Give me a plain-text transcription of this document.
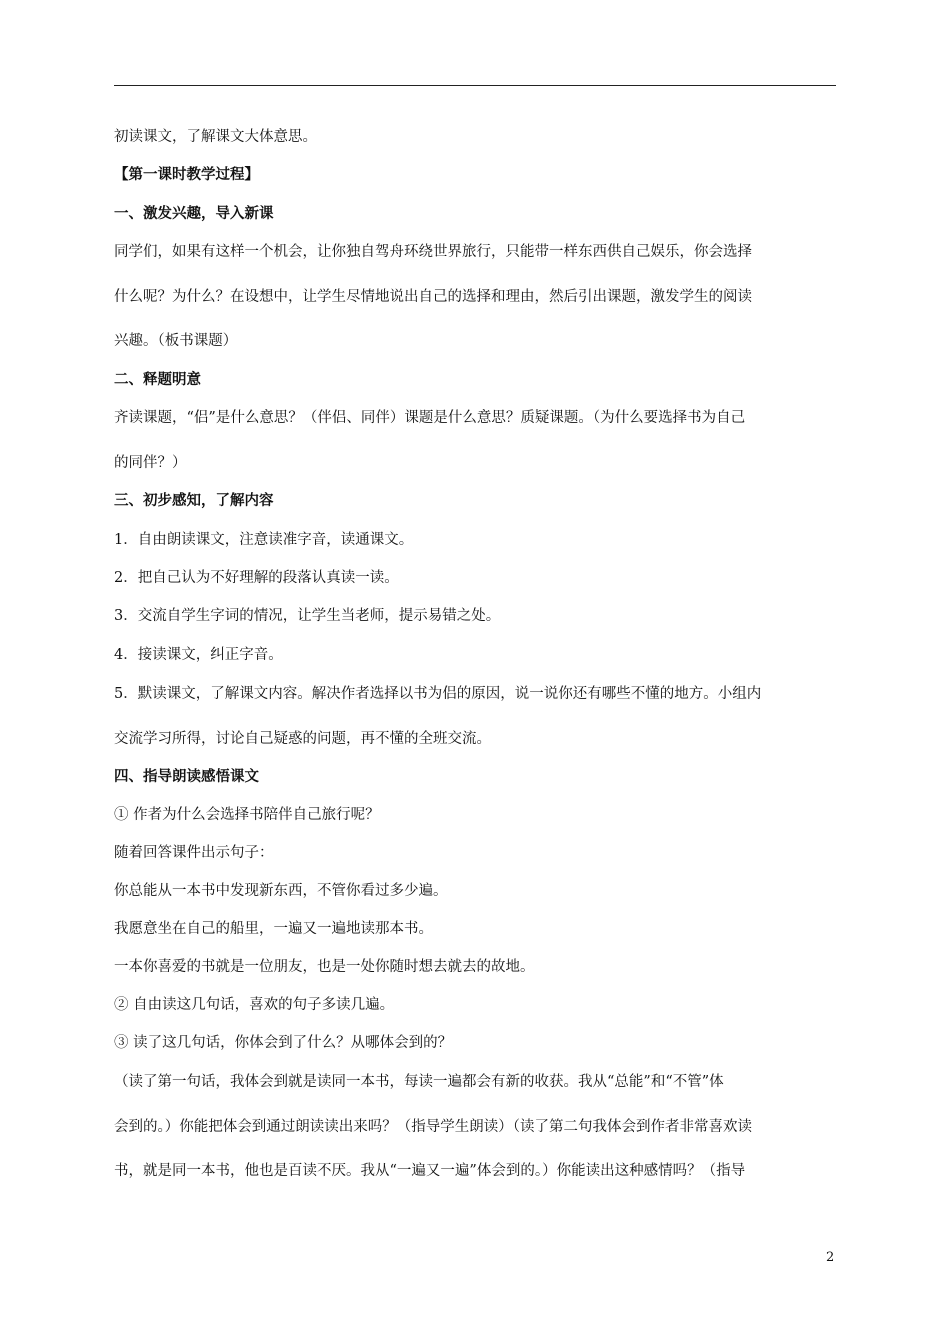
初读课文，了解课文大体意思。
【第一课时教学过程】
一、激发兴趣，导入新课
同学们，如果有这样一个机会，让你独自驾舟环绕世界旅行，只能带一样东西供自己娱乐，你会选择
什么呢？为什么？在设想中，让学生尽情地说出自己的选择和理由，然后引出课题，激发学生的阅读
兴趣。（板书课题）
二、释题明意
齐读课题，“侣”是什么意思？（伴侣、同伴）课题是什么意思？质疑课题。（为什么要选择书为自己
的同伴？）
三、初步感知，了解内容
1．自由朗读课文，注意读准字音，读通课文。
2．把自己认为不好理解的段落认真读一读。
3．交流自学生字词的情况，让学生当老师，提示易错之处。
4．接读课文，纠正字音。
5．默读课文，了解课文内容。解决作者选择以书为侣的原因，说一说你还有哪些不懂的地方。小组内
交流学习所得，讨论自己疑惑的问题，再不懂的全班交流。
四、指导朗读感悟课文
① 作者为什么会选择书陪伴自己旅行呢？
随着回答课件出示句子：
你总能从一本书中发现新东西，不管你看过多少遍。
我愿意坐在自己的船里，一遍又一遍地读那本书。
一本你喜爱的书就是一位朋友，也是一处你随时想去就去的故地。
② 自由读这几句话，喜欢的句子多读几遍。
③ 读了这几句话，你体会到了什么？从哪体会到的？
（读了第一句话，我体会到就是读同一本书，每读一遍都会有新的收获。我从“总能”和“不管”体
会到的。）你能把体会到通过朗读读出来吗？（指导学生朗读）（读了第二句我体会到作者非常喜欢读
书，就是同一本书，他也是百读不厌。我从“一遍又一遍”体会到的。）你能读出这种感情吗？（指导
2
